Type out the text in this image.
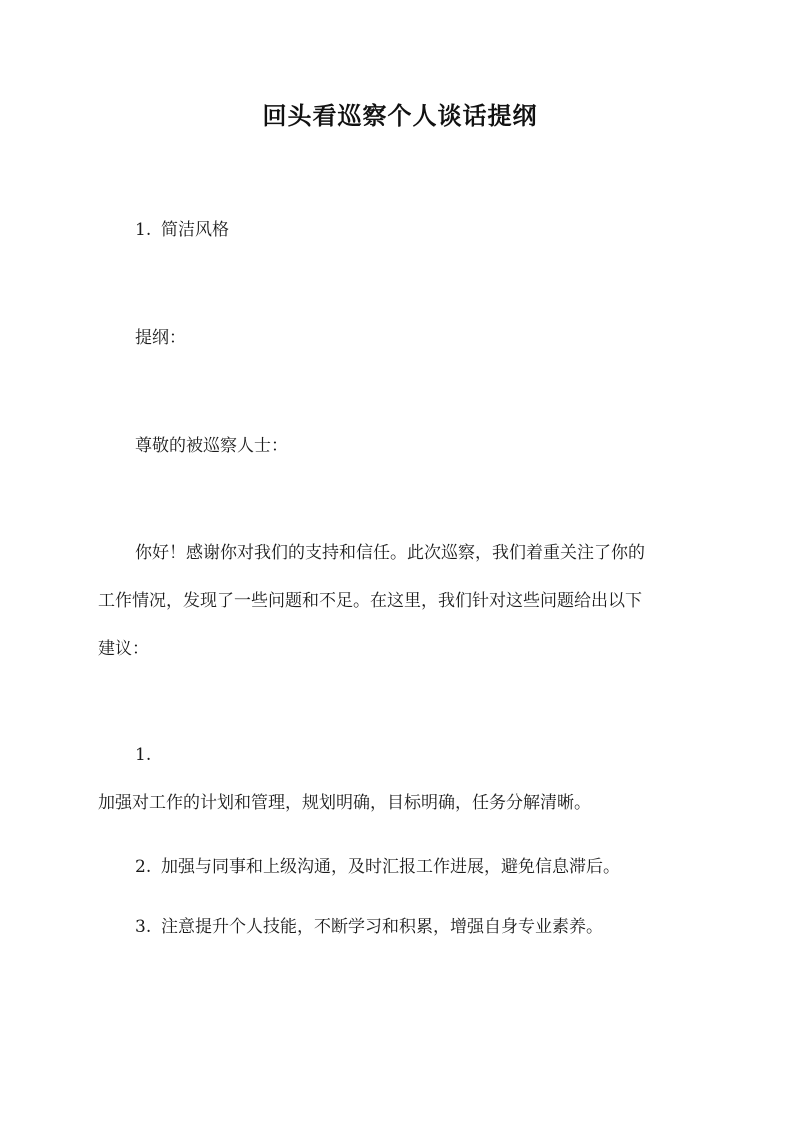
回头看巡察个人谈话提纲
1. 简洁风格
提纲：
尊敬的被巡察人士：
你好！感谢你对我们的支持和信任。此次巡察，我们着重关注了你的
工作情况，发现了一些问题和不足。在这里，我们针对这些问题给出以下
建议：
1.
加强对工作的计划和管理，规划明确，目标明确，任务分解清晰。
2. 加强与同事和上级沟通，及时汇报工作进展，避免信息滞后。
3. 注意提升个人技能，不断学习和积累，增强自身专业素养。
